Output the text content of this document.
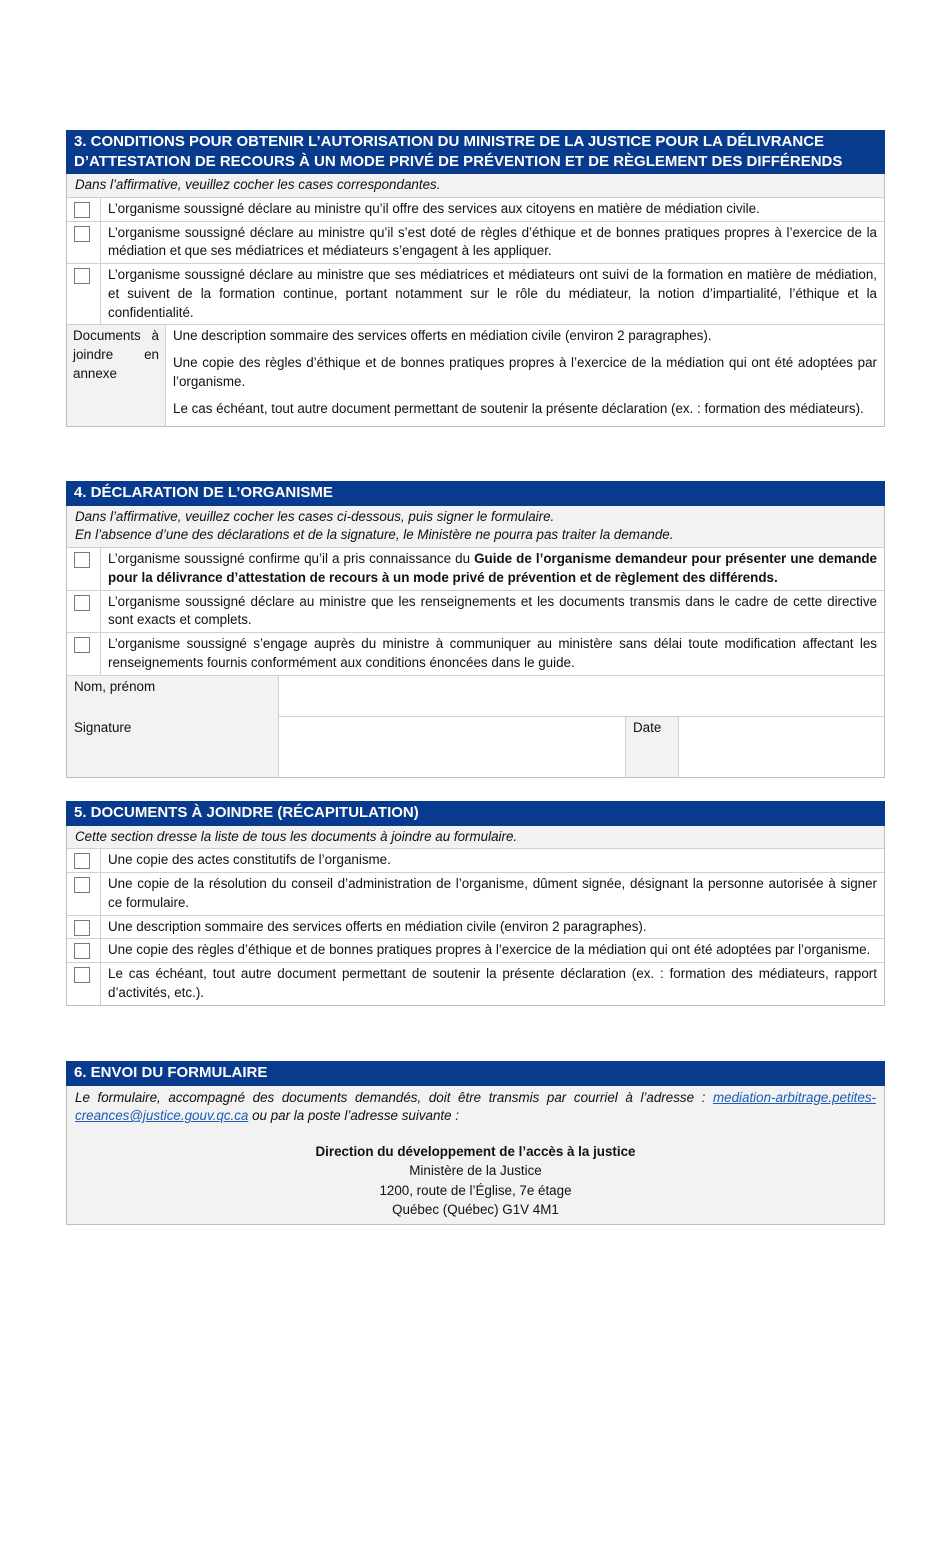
3. CONDITIONS POUR OBTENIR L’AUTORISATION DU MINISTRE DE LA JUSTICE POUR LA DÉLIVRANCE D’ATTESTATION DE RECOURS À UN MODE PRIVÉ DE PRÉVENTION ET DE RÈGLEMENT DES DIFFÉRENDS
Dans l’affirmative, veuillez cocher les cases correspondantes.
L’organisme soussigné déclare au ministre qu’il offre des services aux citoyens en matière de médiation civile.
L’organisme soussigné déclare au ministre qu’il s’est doté de règles d’éthique et de bonnes pratiques propres à l’exercice de la médiation et que ses médiatrices et médiateurs s’engagent à les appliquer.
L’organisme soussigné déclare au ministre que ses médiatrices et médiateurs ont suivi de la formation en matière de médiation, et suivent de la formation continue, portant notamment sur le rôle du médiateur, la notion d’impartialité, l’éthique et la confidentialité.
Documents à joindre en annexe

Une description sommaire des services offerts en médiation civile (environ 2 paragraphes).

Une copie des règles d’éthique et de bonnes pratiques propres à l’exercice de la médiation qui ont été adoptées par l’organisme.

Le cas échéant, tout autre document permettant de soutenir la présente déclaration (ex. : formation des médiateurs).

4. DÉCLARATION DE L’ORGANISME
Dans l’affirmative, veuillez cocher les cases ci-dessous, puis signer le formulaire.
En l’absence d’une des déclarations et de la signature, le Ministère ne pourra pas traiter la demande.
L’organisme soussigné confirme qu’il a pris connaissance du Guide de l’organisme demandeur pour présenter une demande pour la délivrance d’attestation de recours à un mode privé de prévention et de règlement des différends.
L’organisme soussigné déclare au ministre que les renseignements et les documents transmis dans le cadre de cette directive sont exacts et complets.
L’organisme soussigné s’engage auprès du ministre à communiquer au ministère sans délai toute modification affectant les renseignements fournis conformément aux conditions énoncées dans le guide.
Nom, prénom
Signature	Date
5. DOCUMENTS À JOINDRE (RÉCAPITULATION)
Cette section dresse la liste de tous les documents à joindre au formulaire.
Une copie des actes constitutifs de l’organisme.
Une copie de la résolution du conseil d’administration de l’organisme, dûment signée, désignant la personne autorisée à signer ce formulaire.
Une description sommaire des services offerts en médiation civile (environ 2 paragraphes).
Une copie des règles d’éthique et de bonnes pratiques propres à l’exercice de la médiation qui ont été adoptées par l’organisme.
Le cas échéant, tout autre document permettant de soutenir la présente déclaration (ex. : formation des médiateurs, rapport d’activités, etc.).
6. ENVOI DU FORMULAIRE

Le formulaire, accompagné des documents demandés, doit être transmis par courriel à l’adresse : mediation-arbitrage.petites-creances@justice.gouv.qc.ca ou par la poste l’adresse suivante :

Direction du développement de l’accès à la justice
Ministère de la Justice
1200, route de l’Église, 7e étage
Québec (Québec) G1V 4M1
